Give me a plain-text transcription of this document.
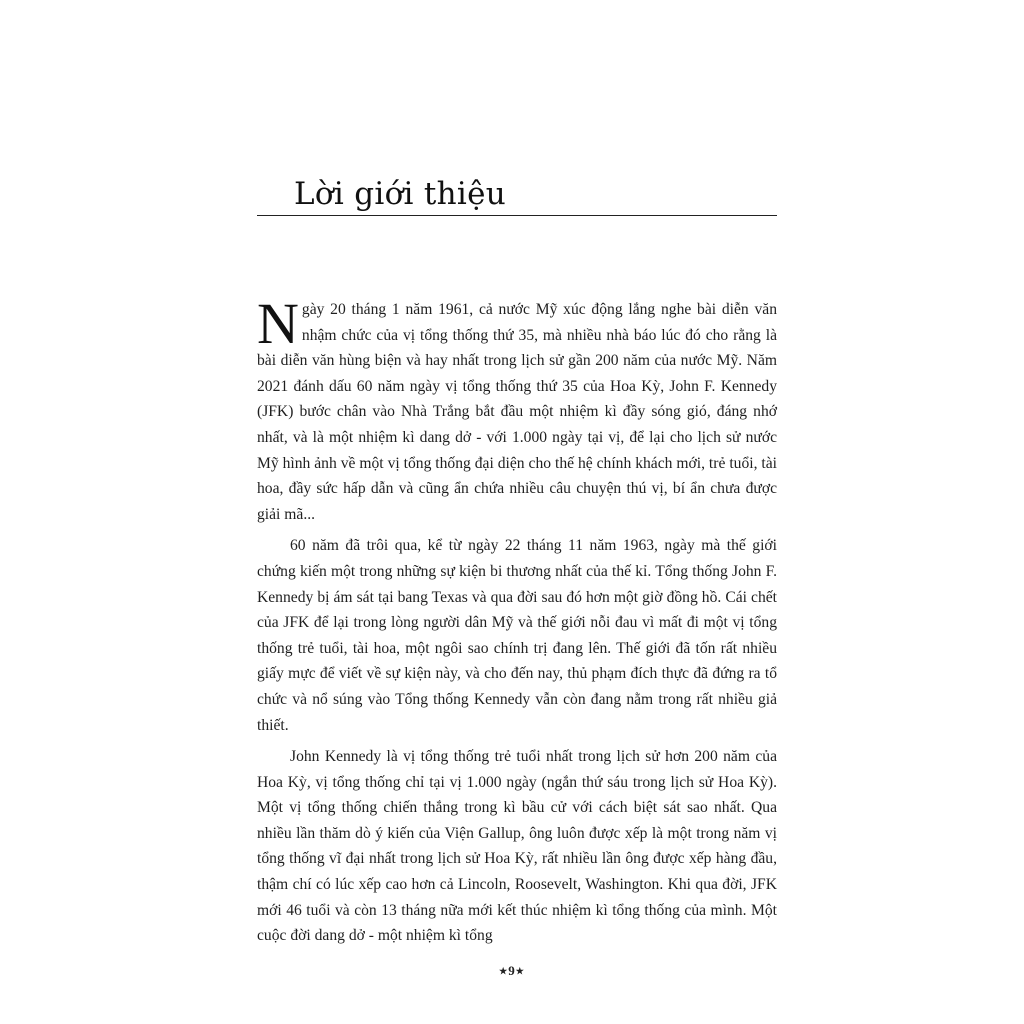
Lời giới thiệu

Ngày 20 tháng 1 năm 1961, cả nước Mỹ xúc động lắng nghe bài diễn văn nhậm chức của vị tổng thống thứ 35, mà nhiều nhà báo lúc đó cho rằng là bài diễn văn hùng biện và hay nhất trong lịch sử gần 200 năm của nước Mỹ. Năm 2021 đánh dấu 60 năm ngày vị tổng thống thứ 35 của Hoa Kỳ, John F. Kennedy (JFK) bước chân vào Nhà Trắng bắt đầu một nhiệm kì đầy sóng gió, đáng nhớ nhất, và là một nhiệm kì dang dở - với 1.000 ngày tại vị, để lại cho lịch sử nước Mỹ hình ảnh về một vị tổng thống đại diện cho thế hệ chính khách mới, trẻ tuổi, tài hoa, đầy sức hấp dẫn và cũng ẩn chứa nhiều câu chuyện thú vị, bí ẩn chưa được giải mã...

60 năm đã trôi qua, kể từ ngày 22 tháng 11 năm 1963, ngày mà thế giới chứng kiến một trong những sự kiện bi thương nhất của thế kỉ. Tổng thống John F. Kennedy bị ám sát tại bang Texas và qua đời sau đó hơn một giờ đồng hồ. Cái chết của JFK để lại trong lòng người dân Mỹ và thế giới nỗi đau vì mất đi một vị tổng thống trẻ tuổi, tài hoa, một ngôi sao chính trị đang lên. Thế giới đã tốn rất nhiều giấy mực để viết về sự kiện này, và cho đến nay, thủ phạm đích thực đã đứng ra tổ chức và nổ súng vào Tổng thống Kennedy vẫn còn đang nằm trong rất nhiều giả thiết.

John Kennedy là vị tổng thống trẻ tuổi nhất trong lịch sử hơn 200 năm của Hoa Kỳ, vị tổng thống chỉ tại vị 1.000 ngày (ngắn thứ sáu trong lịch sử Hoa Kỳ). Một vị tổng thống chiến thắng trong kì bầu cử với cách biệt sát sao nhất. Qua nhiều lần thăm dò ý kiến của Viện Gallup, ông luôn được xếp là một trong năm vị tổng thống vĩ đại nhất trong lịch sử Hoa Kỳ, rất nhiều lần ông được xếp hàng đầu, thậm chí có lúc xếp cao hơn cả Lincoln, Roosevelt, Washington. Khi qua đời, JFK mới 46 tuổi và còn 13 tháng nữa mới kết thúc nhiệm kì tổng thống của mình. Một cuộc đời dang dở - một nhiệm kì tổng

★9★
